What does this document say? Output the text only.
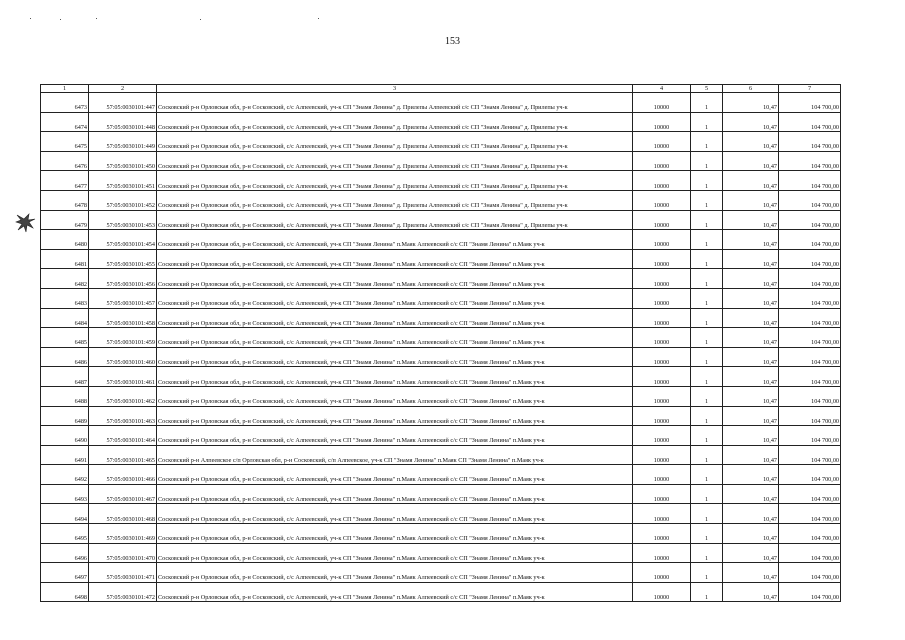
153
1	2	3	4	5	6	7
6473	57:05:0030101:447	Сосковский р-н Орловская обл, р-н Сосковский, с/с Алпеевский, уч-к СП "Знамя Ленина" д. Прилепы Алпеевский с/с СП "Знамя Ленина" д. Прилепы уч-к	10000	1	10,47	104 700,00
6474	57:05:0030101:448	Сосковский р-н Орловская обл, р-н Сосковский, с/с Алпеевский, уч-к СП "Знамя Ленина" д. Прилепы Алпеевский с/с СП "Знамя Ленина" д. Прилепы уч-к	10000	1	10,47	104 700,00
6475	57:05:0030101:449	Сосковский р-н Орловская обл, р-н Сосковский, с/с Алпеевский, уч-к СП "Знамя Ленина" д. Прилепы Алпеевский с/с СП "Знамя Ленина" д. Прилепы уч-к	10000	1	10,47	104 700,00
6476	57:05:0030101:450	Сосковский р-н Орловская обл, р-н Сосковский, с/с Алпеевский, уч-к СП "Знамя Ленина" д. Прилепы Алпеевский с/с СП "Знамя Ленина" д. Прилепы уч-к	10000	1	10,47	104 700,00
6477	57:05:0030101:451	Сосковский р-н Орловская обл, р-н Сосковский, с/с Алпеевский, уч-к СП "Знамя Ленина" д. Прилепы Алпеевский с/с СП "Знамя Ленина" д. Прилепы уч-к	10000	1	10,47	104 700,00
6478	57:05:0030101:452	Сосковский р-н Орловская обл, р-н Сосковский, с/с Алпеевский, уч-к СП "Знамя Ленина" д. Прилепы Алпеевский с/с СП "Знамя Ленина" д. Прилепы уч-к	10000	1	10,47	104 700,00
6479	57:05:0030101:453	Сосковский р-н Орловская обл, р-н Сосковский, с/с Алпеевский, уч-к СП "Знамя Ленина" д. Прилепы Алпеевский с/с СП "Знамя Ленина" д. Прилепы уч-к	10000	1	10,47	104 700,00
6480	57:05:0030101:454	Сосковский р-н Орловская обл, р-н Сосковский, с/с Алпеевский, уч-к СП "Знамя Ленина" п.Маяк Алпеевский с/с СП "Знамя Ленина" п.Маяк уч-к	10000	1	10,47	104 700,00
6481	57:05:0030101:455	Сосковский р-н Орловская обл, р-н Сосковский, с/с Алпеевский, уч-к СП "Знамя Ленина" п.Маяк Алпеевский с/с СП "Знамя Ленина" п.Маяк уч-к	10000	1	10,47	104 700,00
6482	57:05:0030101:456	Сосковский р-н Орловская обл, р-н Сосковский, с/с Алпеевский, уч-к СП "Знамя Ленина" п.Маяк Алпеевский с/с СП "Знамя Ленина" п.Маяк уч-к	10000	1	10,47	104 700,00
6483	57:05:0030101:457	Сосковский р-н Орловская обл, р-н Сосковский, с/с Алпеевский, уч-к СП "Знамя Ленина" п.Маяк Алпеевский с/с СП "Знамя Ленина" п.Маяк уч-к	10000	1	10,47	104 700,00
6484	57:05:0030101:458	Сосковский р-н Орловская обл, р-н Сосковский, с/с Алпеевский, уч-к СП "Знамя Ленина" п.Маяк Алпеевский с/с СП "Знамя Ленина" п.Маяк уч-к	10000	1	10,47	104 700,00
6485	57:05:0030101:459	Сосковский р-н Орловская обл, р-н Сосковский, с/с Алпеевский, уч-к СП "Знамя Ленина" п.Маяк Алпеевский с/с СП "Знамя Ленина" п.Маяк уч-к	10000	1	10,47	104 700,00
6486	57:05:0030101:460	Сосковский р-н Орловская обл, р-н Сосковский, с/с Алпеевский, уч-к СП "Знамя Ленина" п.Маяк Алпеевский с/с СП "Знамя Ленина" п.Маяк уч-к	10000	1	10,47	104 700,00
6487	57:05:0030101:461	Сосковский р-н Орловская обл, р-н Сосковский, с/с Алпеевский, уч-к СП "Знамя Ленина" п.Маяк Алпеевский с/с СП "Знамя Ленина" п.Маяк уч-к	10000	1	10,47	104 700,00
6488	57:05:0030101:462	Сосковский р-н Орловская обл, р-н Сосковский, с/с Алпеевский, уч-к СП "Знамя Ленина" п.Маяк Алпеевский с/с СП "Знамя Ленина" п.Маяк уч-к	10000	1	10,47	104 700,00
6489	57:05:0030101:463	Сосковский р-н Орловская обл, р-н Сосковский, с/с Алпеевский, уч-к СП "Знамя Ленина" п.Маяк Алпеевский с/с СП "Знамя Ленина" п.Маяк уч-к	10000	1	10,47	104 700,00
6490	57:05:0030101:464	Сосковский р-н Орловская обл, р-н Сосковский, с/с Алпеевский, уч-к СП "Знамя Ленина" п.Маяк Алпеевский с/с СП "Знамя Ленина" п.Маяк уч-к	10000	1	10,47	104 700,00
6491	57:05:0030101:465	Сосковский р-н Алпеевское с/п Орловская обл, р-н Сосковский, с/п Алпеевское, уч-к СП "Знамя Ленина" п.Маяк СП "Знамя Ленина" п.Маяк уч-к	10000	1	10,47	104 700,00
6492	57:05:0030101:466	Сосковский р-н Орловская обл, р-н Сосковский, с/с Алпеевский, уч-к СП "Знамя Ленина" п.Маяк Алпеевский с/с СП "Знамя Ленина" п.Маяк уч-к	10000	1	10,47	104 700,00
6493	57:05:0030101:467	Сосковский р-н Орловская обл, р-н Сосковский, с/с Алпеевский, уч-к СП "Знамя Ленина" п.Маяк Алпеевский с/с СП "Знамя Ленина" п.Маяк уч-к	10000	1	10,47	104 700,00
6494	57:05:0030101:468	Сосковский р-н Орловская обл, р-н Сосковский, с/с Алпеевский, уч-к СП "Знамя Ленина" п.Маяк Алпеевский с/с СП "Знамя Ленина" п.Маяк уч-к	10000	1	10,47	104 700,00
6495	57:05:0030101:469	Сосковский р-н Орловская обл, р-н Сосковский, с/с Алпеевский, уч-к СП "Знамя Ленина" п.Маяк Алпеевский с/с СП "Знамя Ленина" п.Маяк уч-к	10000	1	10,47	104 700,00
6496	57:05:0030101:470	Сосковский р-н Орловская обл, р-н Сосковский, с/с Алпеевский, уч-к СП "Знамя Ленина" п.Маяк Алпеевский с/с СП "Знамя Ленина" п.Маяк уч-к	10000	1	10,47	104 700,00
6497	57:05:0030101:471	Сосковский р-н Орловская обл, р-н Сосковский, с/с Алпеевский, уч-к СП "Знамя Ленина" п.Маяк Алпеевский с/с СП "Знамя Ленина" п.Маяк уч-к	10000	1	10,47	104 700,00
6498	57:05:0030101:472	Сосковский р-н Орловская обл, р-н Сосковский, с/с Алпеевский, уч-к СП "Знамя Ленина" п.Маяк Алпеевский с/с СП "Знамя Ленина" п.Маяк уч-к	10000	1	10,47	104 700,00
